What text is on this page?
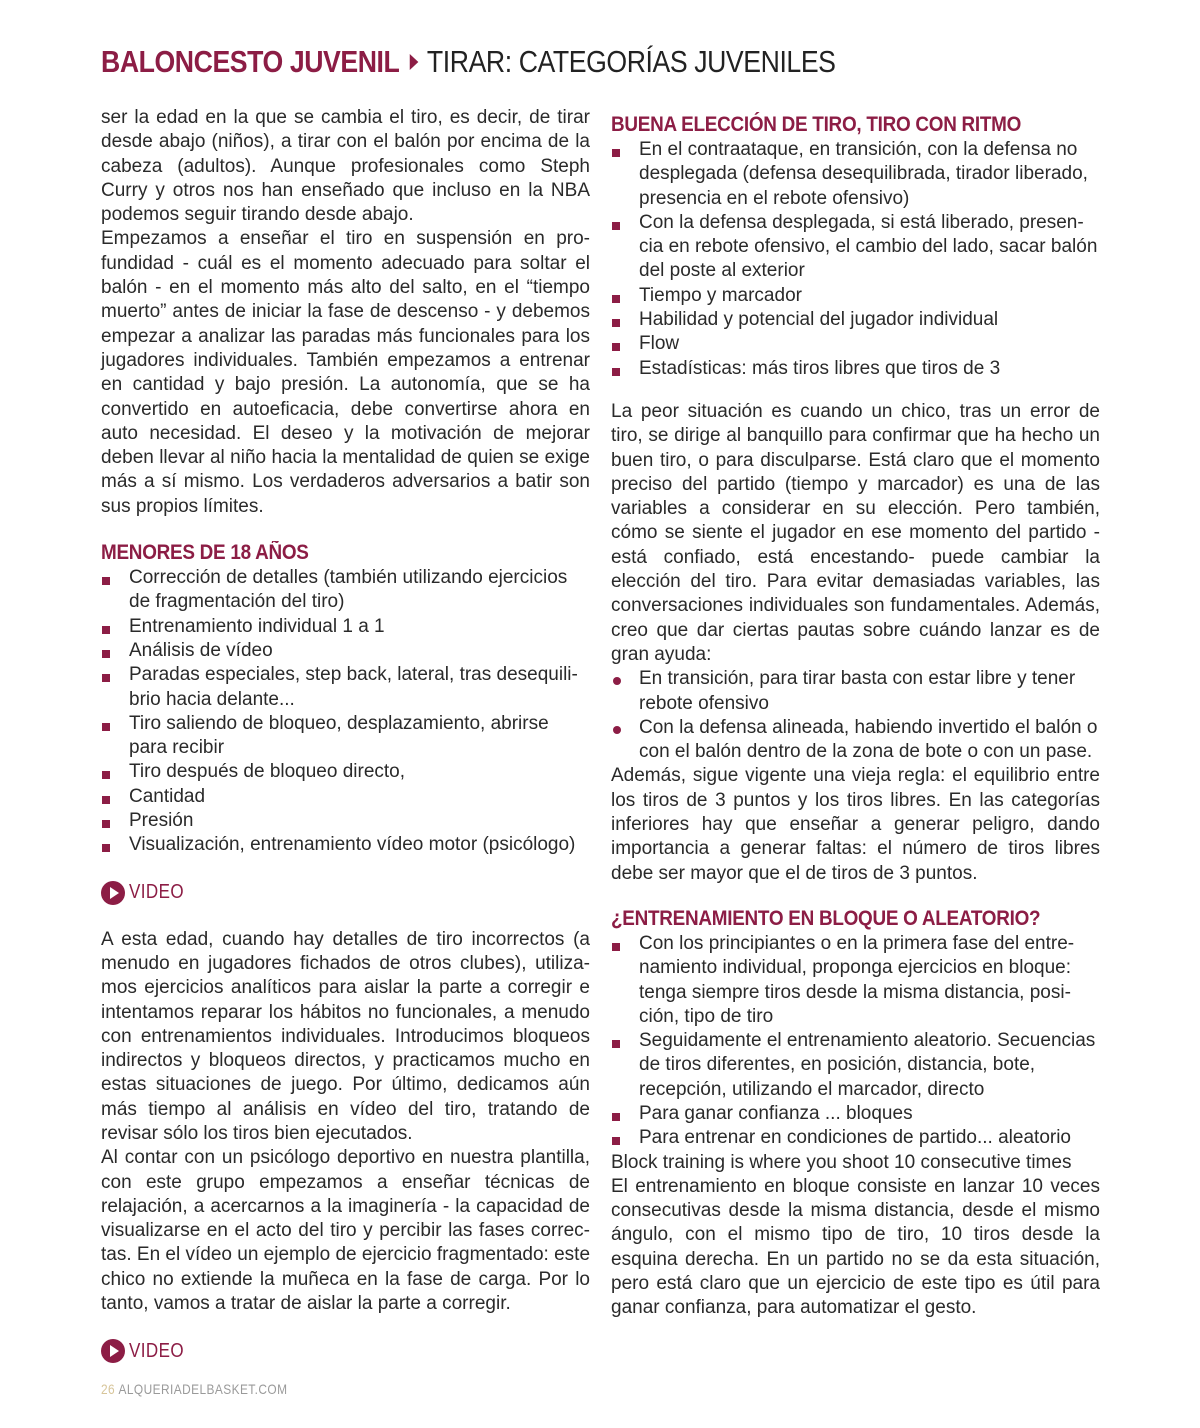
BALONCESTO JUVENIL TIRAR: CATEGORÍAS JUVENILES

ser la edad en la que se cambia el tiro, es decir, de tirar desde abajo (niños), a tirar con el balón por encima de la cabeza (adultos). Aunque profesionales como Steph Curry y otros nos han enseñado que incluso en la NBA podemos seguir tirando desde abajo.

Empezamos a enseñar el tiro en suspensión en profundidad - cuál es el momento adecuado para soltar el balón - en el momento más alto del salto, en el “tiempo muerto” antes de iniciar la fase de descenso - y debemos empezar a analizar las paradas más funcionales para los jugadores individuales. También empezamos a entrenar en cantidad y bajo presión. La autonomía, que se ha convertido en autoeficacia, debe convertirse ahora en auto necesidad. El deseo y la motivación de mejorar deben llevar al niño hacia la mentalidad de quien se exige más a sí mismo. Los verdaderos adversarios a batir son sus propios límites.

MENORES DE 18 AÑOS
Corrección de detalles (también utilizando ejercicios de fragmentación del tiro)
Entrenamiento individual 1 a 1
Análisis de vídeo
Paradas especiales, step back, lateral, tras desequilibrio hacia delante...
Tiro saliendo de bloqueo, desplazamiento, abrirse para recibir
Tiro después de bloqueo directo,
Cantidad
Presión
Visualización, entrenamiento vídeo motor (psicólogo)
VIDEO

A esta edad, cuando hay detalles de tiro incorrectos (a menudo en jugadores fichados de otros clubes), utilizamos ejercicios analíticos para aislar la parte a corregir e intentamos reparar los hábitos no funcionales, a menudo con entrenamientos individuales. Introducimos bloqueos indirectos y bloqueos directos, y practicamos mucho en estas situaciones de juego. Por último, dedicamos aún más tiempo al análisis en vídeo del tiro, tratando de revisar sólo los tiros bien ejecutados.

Al contar con un psicólogo deportivo en nuestra plantilla, con este grupo empezamos a enseñar técnicas de relajación, a acercarnos a la imaginería - la capacidad de visualizarse en el acto del tiro y percibir las fases correctas. En el vídeo un ejemplo de ejercicio fragmentado: este chico no extiende la muñeca en la fase de carga. Por lo tanto, vamos a tratar de aislar la parte a corregir.

VIDEO
BUENA ELECCIÓN DE TIRO, TIRO CON RITMO
En el contraataque, en transición, con la defensa no desplegada (defensa desequilibrada, tirador liberado, presencia en el rebote ofensivo)
Con la defensa desplegada, si está liberado, presencia en rebote ofensivo, el cambio del lado, sacar balón del poste al exterior
Tiempo y marcador
Habilidad y potencial del jugador individual
Flow
Estadísticas: más tiros libres que tiros de 3

La peor situación es cuando un chico, tras un error de tiro, se dirige al banquillo para confirmar que ha hecho un buen tiro, o para disculparse. Está claro que el momento preciso del partido (tiempo y marcador) es una de las variables a considerar en su elección. Pero también, cómo se siente el jugador en ese momento del partido -está confiado, está encestando- puede cambiar la elección del tiro. Para evitar demasiadas variables, las conversaciones individuales son fundamentales. Además, creo que dar ciertas pautas sobre cuándo lanzar es de gran ayuda:

En transición, para tirar basta con estar libre y tener rebote ofensivo
Con la defensa alineada, habiendo invertido el balón o con el balón dentro de la zona de bote o con un pase.

Además, sigue vigente una vieja regla: el equilibrio entre los tiros de 3 puntos y los tiros libres. En las categorías inferiores hay que enseñar a generar peligro, dando importancia a generar faltas: el número de tiros libres debe ser mayor que el de tiros de 3 puntos.

¿ENTRENAMIENTO EN BLOQUE O ALEATORIO?
Con los principiantes o en la primera fase del entrenamiento individual, proponga ejercicios en bloque: tenga siempre tiros desde la misma distancia, posición, tipo de tiro
Seguidamente el entrenamiento aleatorio. Secuencias de tiros diferentes, en posición, distancia, bote, recepción, utilizando el marcador, directo
Para ganar confianza ... bloques
Para entrenar en condiciones de partido... aleatorio

Block training is where you shoot 10 consecutive times

El entrenamiento en bloque consiste en lanzar 10 veces consecutivas desde la misma distancia, desde el mismo ángulo, con el mismo tipo de tiro, 10 tiros desde la esquina derecha. En un partido no se da esta situación, pero está claro que un ejercicio de este tipo es útil para ganar confianza, para automatizar el gesto.

26 ALQUERIADELBASKET.COM
